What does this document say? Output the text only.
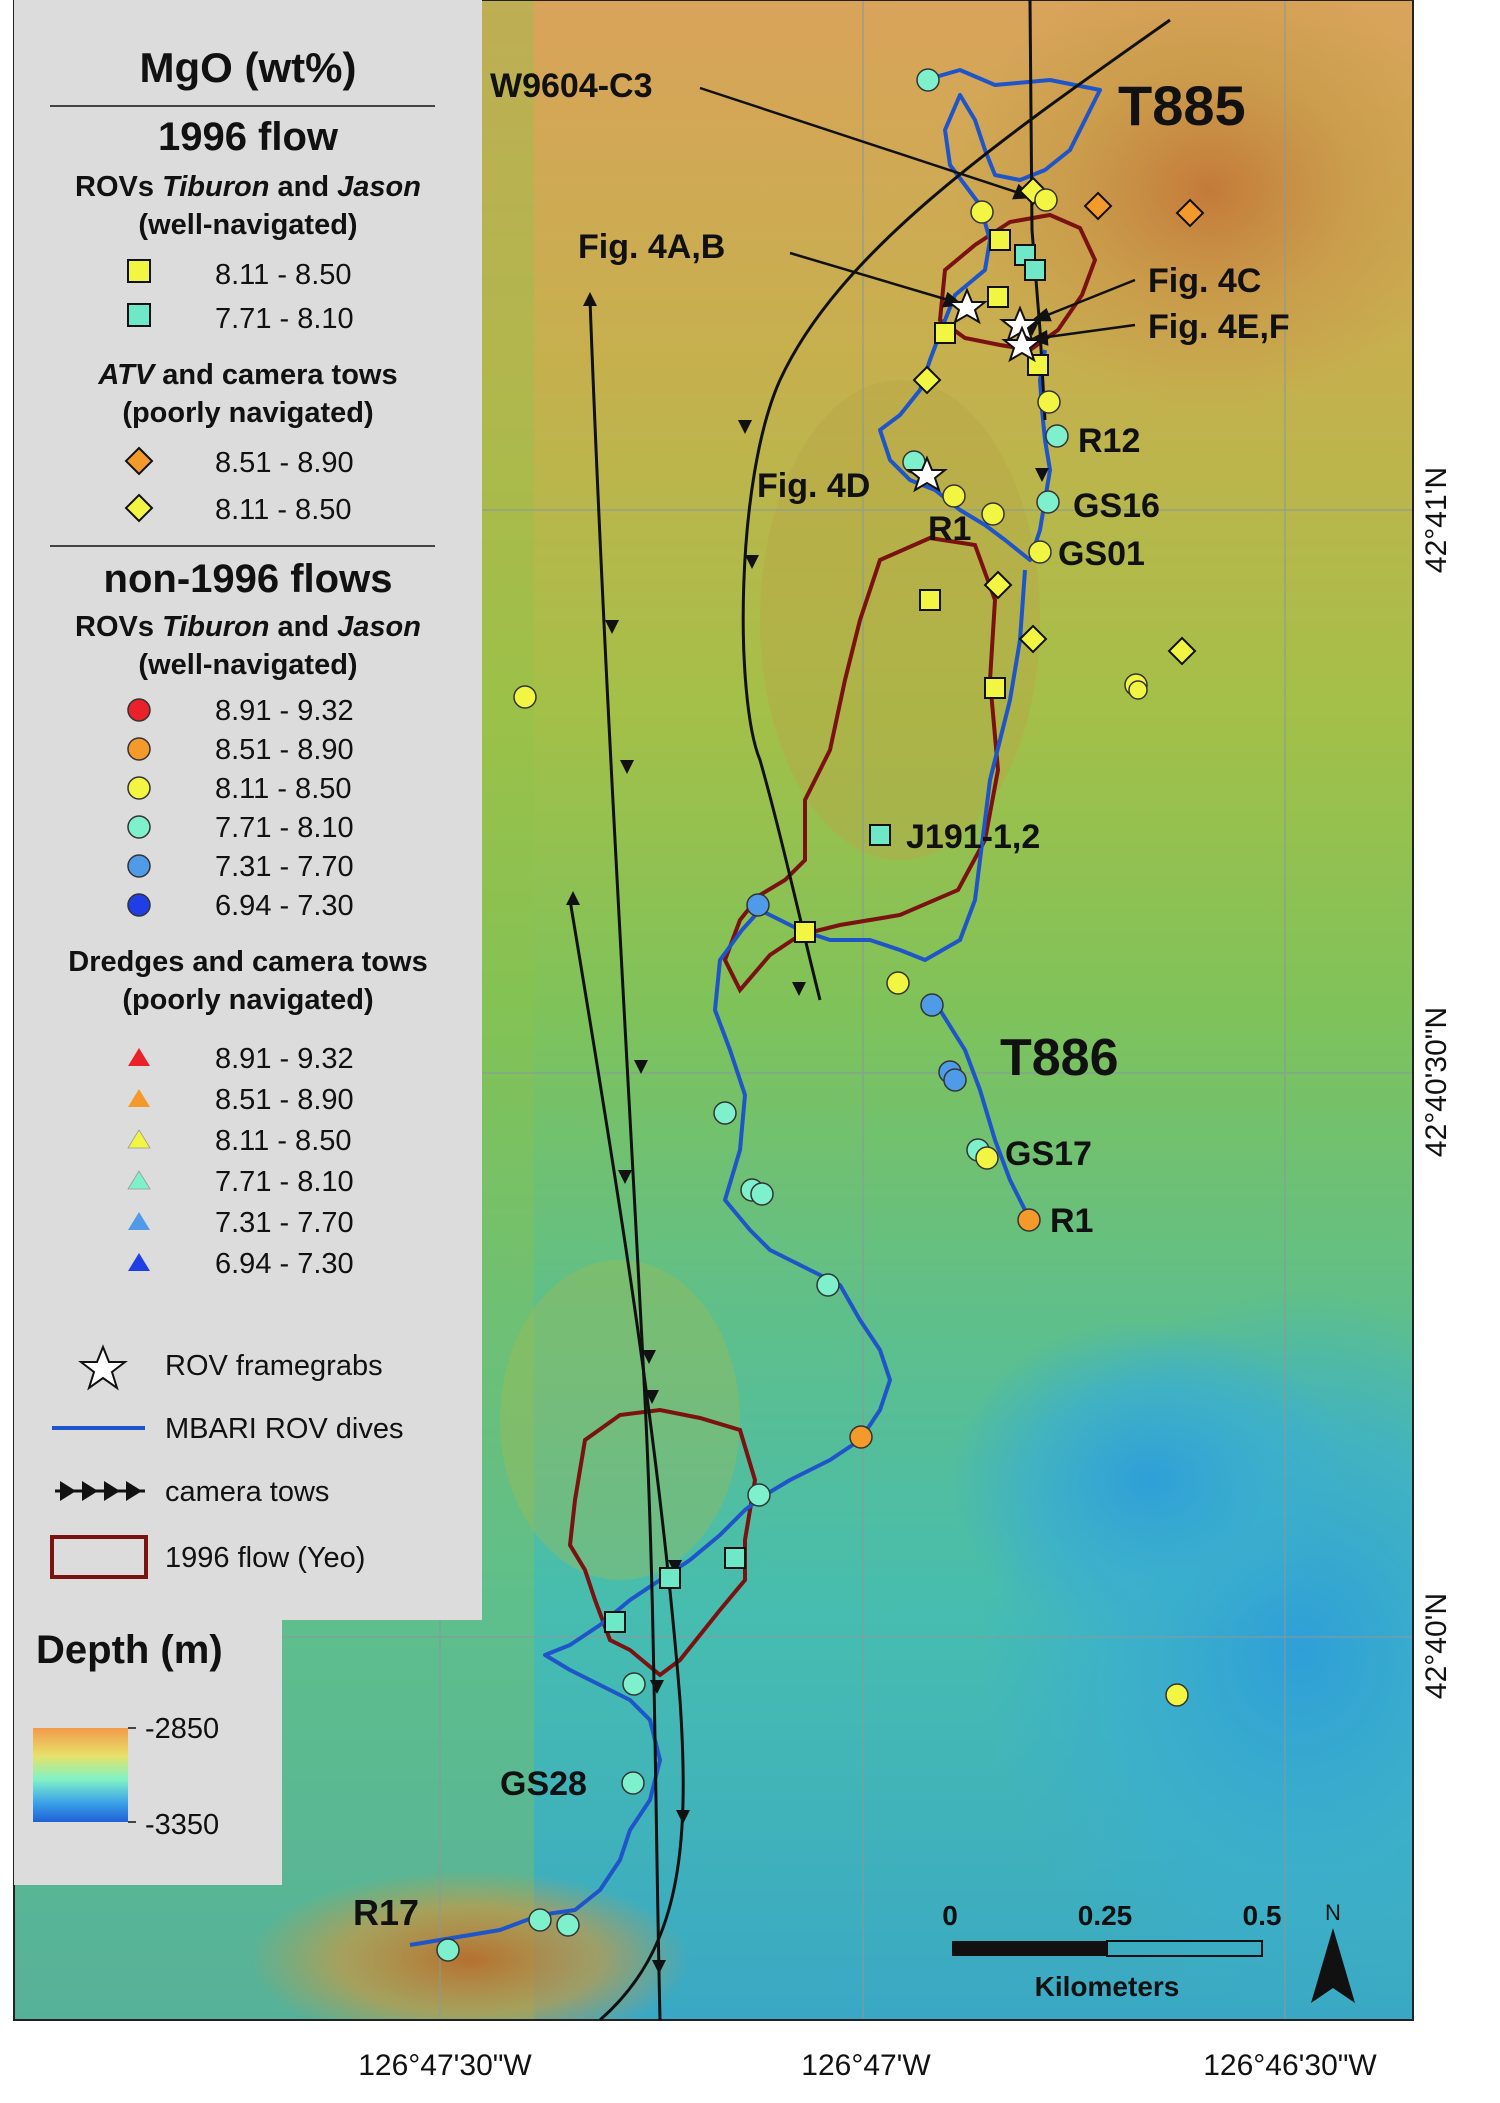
T885
T886
W9604-C3
Fig. 4A,B
Fig. 4C
Fig. 4E,F
Fig. 4D
R12
GS16
R1
GS01
J191-1,2
GS17
R1
GS28
R17	0	0.25	0.5
Kilometers
N
42°41'N
42°40'30"N
42°40'N
126°47'30"W	126°47'W	126°46'30"W
MgO (wt%)
1996 flow
ROVs Tiburon and Jason
(well-navigated)
8.11 - 8.50
7.71 - 8.10
ATV and camera tows
(poorly navigated)
8.51 - 8.90
8.11 - 8.50
non-1996 flows
ROVs Tiburon and Jason
(well-navigated)
8.91 - 9.32
8.51 - 8.90
8.11 - 8.50
7.71 - 8.10
7.31 - 7.70
6.94 - 7.30
Dredges and camera tows
(poorly navigated)
8.91 - 9.32
8.51 - 8.90
8.11 - 8.50
7.71 - 8.10
7.31 - 7.70
6.94 - 7.30
ROV framegrabs
MBARI ROV dives
camera tows
1996 flow (Yeo)
Depth (m)
-2850
-3350
